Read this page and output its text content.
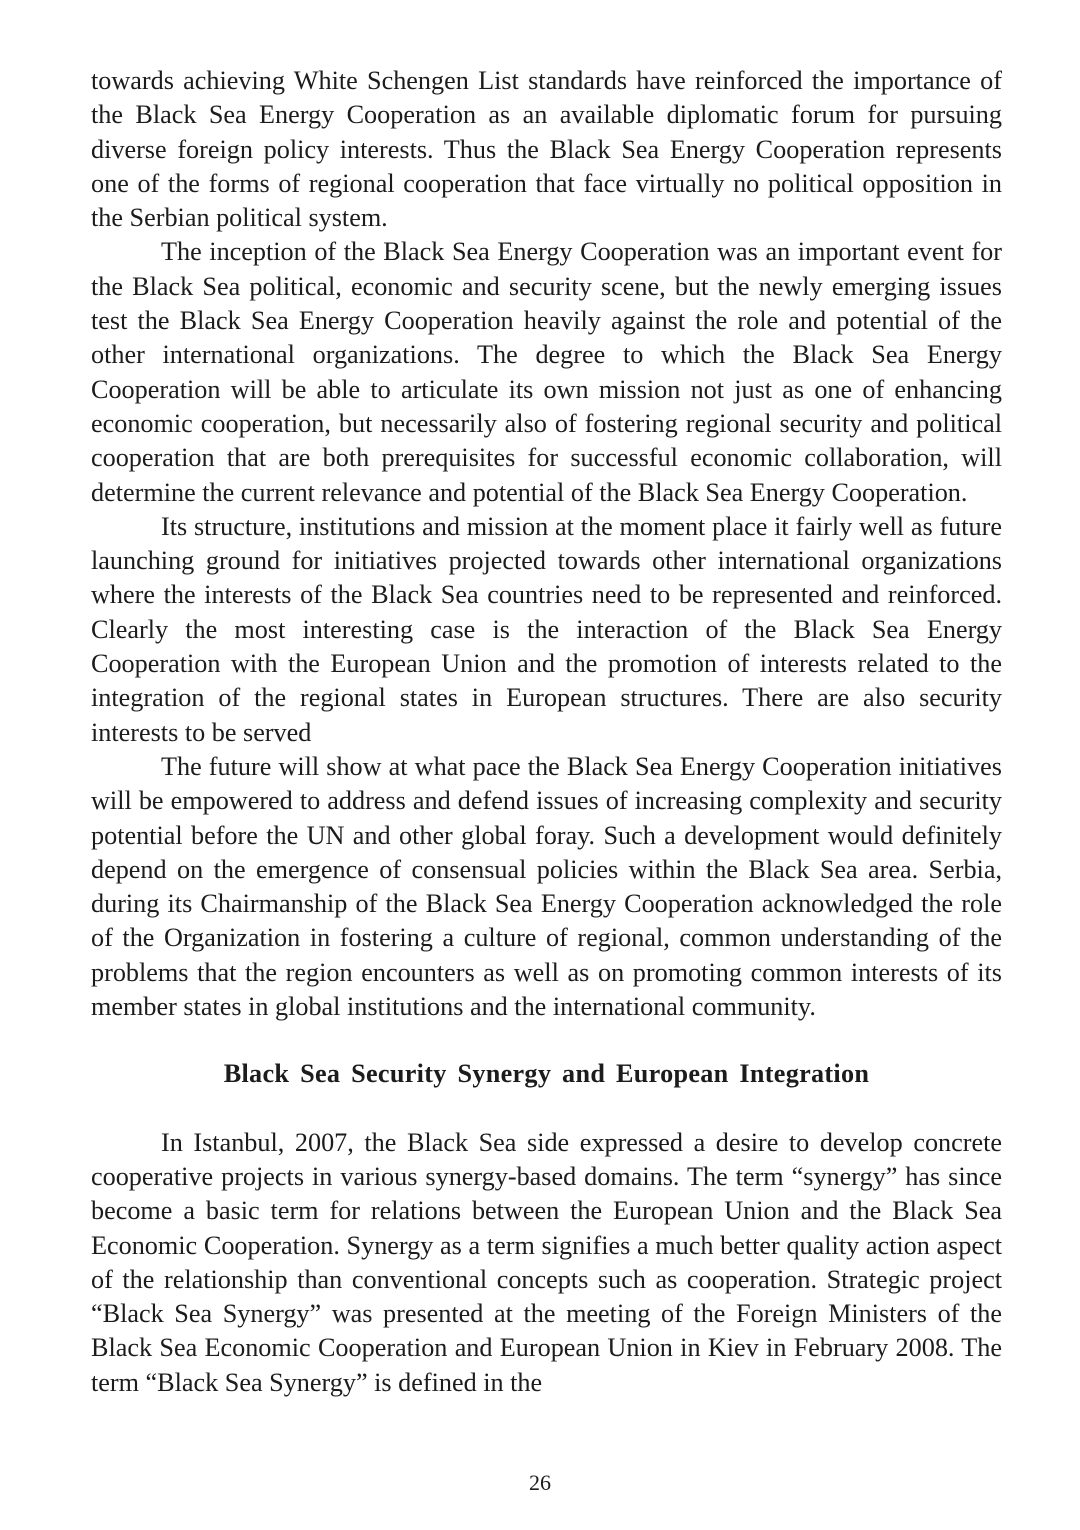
towards achieving White Schengen List standards have reinforced the importance of the Black Sea Energy Cooperation as an available diplomatic forum for pursuing diverse foreign policy interests. Thus the Black Sea Energy Cooperation represents one of the forms of regional cooperation that face virtually no political opposition in the Serbian political system.

The inception of the Black Sea Energy Cooperation was an important event for the Black Sea political, economic and security scene, but the newly emerging issues test the Black Sea Energy Cooperation heavily against the role and potential of the other international organizations. The degree to which the Black Sea Energy Cooperation will be able to articulate its own mission not just as one of enhancing economic cooperation, but necessarily also of fostering regional security and political cooperation that are both prerequisites for successful economic collaboration, will determine the current relevance and potential of the Black Sea Energy Cooperation.

Its structure, institutions and mission at the moment place it fairly well as future launching ground for initiatives projected towards other international organizations where the interests of the Black Sea countries need to be represented and reinforced. Clearly the most interesting case is the interaction of the Black Sea Energy Cooperation with the European Union and the promotion of interests related to the integration of the regional states in European structures. There are also security interests to be served

The future will show at what pace the Black Sea Energy Cooperation initiatives will be empowered to address and defend issues of increasing complexity and security potential before the UN and other global foray. Such a development would definitely depend on the emergence of consensual policies within the Black Sea area. Serbia, during its Chairmanship of the Black Sea Energy Cooperation acknowledged the role of the Organization in fostering a culture of regional, common understanding of the problems that the region encounters as well as on promoting common interests of its member states in global institutions and the international community.

Black Sea Security Synergy and European Integration

In Istanbul, 2007, the Black Sea side expressed a desire to develop concrete cooperative projects in various synergy-based domains. The term “synergy” has since become a basic term for relations between the European Union and the Black Sea Economic Cooperation. Synergy as a term signifies a much better quality action aspect of the relationship than conventional concepts such as cooperation. Strategic project “Black Sea Synergy” was presented at the meeting of the Foreign Ministers of the Black Sea Economic Cooperation and European Union in Kiev in February 2008. The term “Black Sea Synergy” is defined in the

26
